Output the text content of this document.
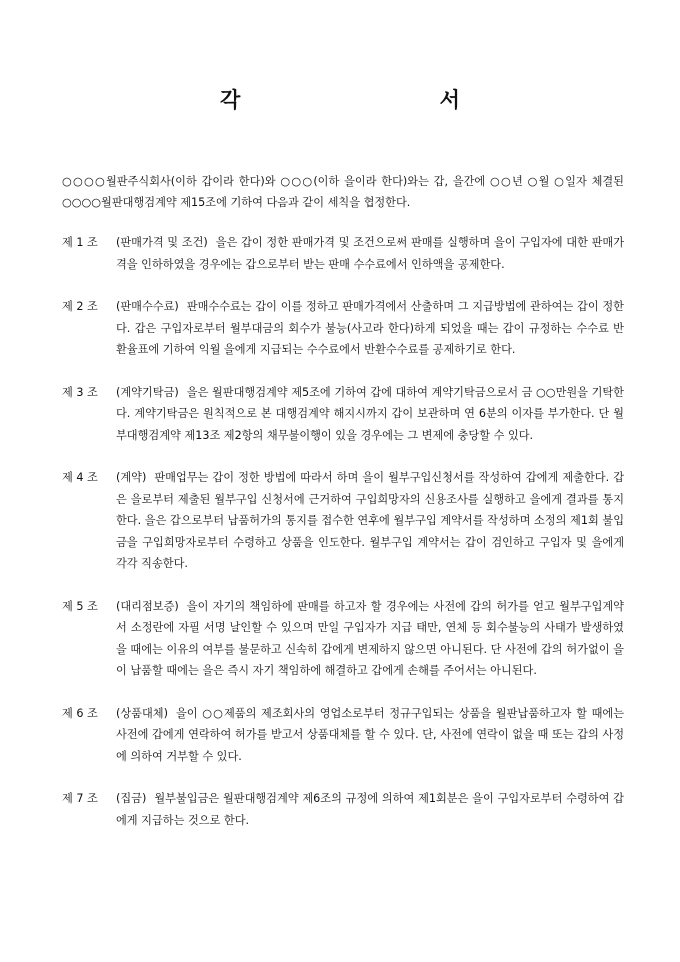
각 서
○○○○월판주식회사(이하 갑이라 한다)와 ○○○(이하 을이라 한다)와는 갑, 을간에 ○○년 ○월 ○일자 체결된 ○○○○월판대행검계약 제15조에 기하여 다음과 같이 세칙을 협정한다.
제 1 조	(판매가격 및 조건) 을은 갑이 정한 판매가격 및 조건으로써 판매를 실행하며 을이 구입자에 대한 판매가격을 인하하였을 경우에는 갑으로부터 받는 판매 수수료에서 인하액을 공제한다.
제 2 조	(판매수수료) 판매수수료는 갑이 이를 정하고 판매가격에서 산출하며 그 지급방법에 관하여는 갑이 정한다. 갑은 구입자로부터 월부대금의 회수가 불능(사고라 한다)하게 되었을 때는 갑이 규정하는 수수료 반환율표에 기하여 익월 을에게 지급되는 수수료에서 반환수수료를 공제하기로 한다.
제 3 조	(계약기탁금) 을은 월판대행검계약 제5조에 기하여 갑에 대하여 계약기탁금으로서 금 ○○만원을 기탁한다. 계약기탁금은 원칙적으로 본 대행검계약 해지시까지 갑이 보관하며 연 6분의 이자를 부가한다. 단 월부대행검계약 제13조 제2항의 채무불이행이 있을 경우에는 그 변제에 충당할 수 있다.
제 4 조	(계약) 판매업무는 갑이 정한 방법에 따라서 하며 을이 월부구입신청서를 작성하여 갑에게 제출한다. 갑은 을로부터 제출된 월부구입 신청서에 근거하여 구입희망자의 신용조사를 실행하고 을에게 결과를 통지한다. 을은 갑으로부터 납품허가의 통지를 접수한 연후에 월부구입 계약서를 작성하며 소정의 제1회 불입금을 구입희망자로부터 수령하고 상품을 인도한다. 월부구입 계약서는 갑이 검인하고 구입자 및 을에게 각각 직송한다.
제 5 조	(대리점보증) 을이 자기의 책임하에 판매를 하고자 할 경우에는 사전에 갑의 허가를 얻고 월부구입계약서 소정란에 자필 서명 날인할 수 있으며 만일 구입자가 지급 태만, 연체 등 회수불능의 사태가 발생하였을 때에는 이유의 여부를 불문하고 신속히 갑에게 변제하지 않으면 아니된다. 단 사전에 갑의 허가없이 을이 납품할 때에는 을은 즉시 자기 책임하에 해결하고 갑에게 손해를 주어서는 아니된다.
제 6 조	(상품대체) 을이 ○○제품의 제조회사의 영업소로부터 정규구입되는 상품을 월판납품하고자 할 때에는 사전에 갑에게 연락하여 허가를 받고서 상품대체를 할 수 있다. 단, 사전에 연락이 없을 때 또는 갑의 사정에 의하여 거부할 수 있다.
제 7 조	(집금) 월부불입금은 월판대행검계약 제6조의 규정에 의하여 제1회분은 을이 구입자로부터 수령하여 갑에게 지급하는 것으로 한다.
